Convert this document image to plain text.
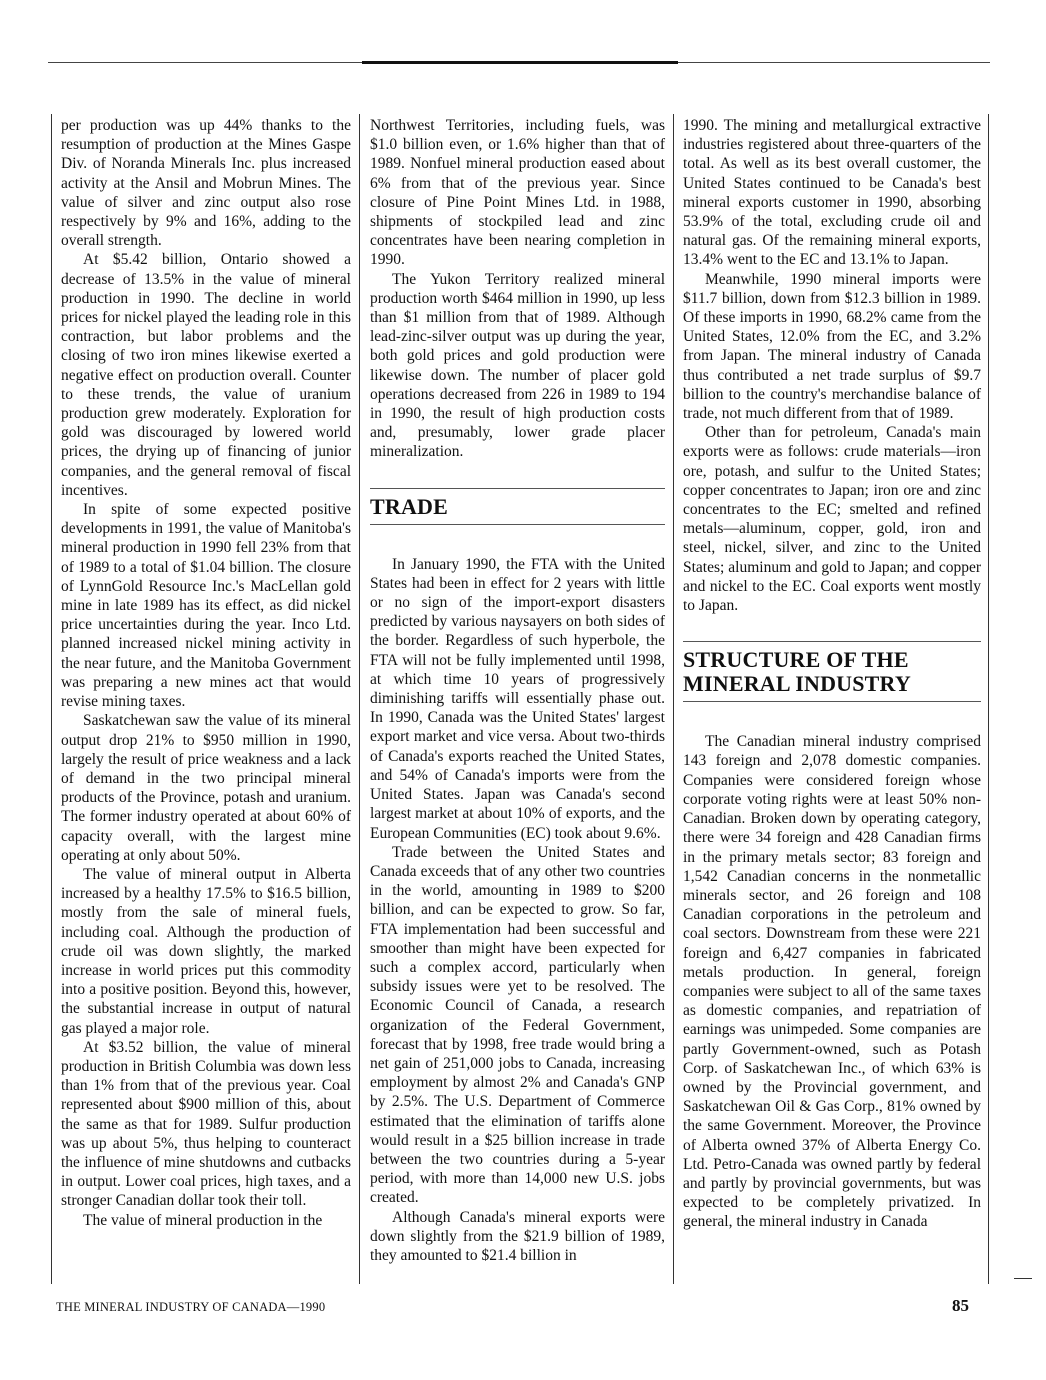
per production was up 44% thanks to the resumption of production at the Mines Gaspe Div. of Noranda Minerals Inc. plus increased activity at the Ansil and Mobrun Mines. The value of silver and zinc output also rose respectively by 9% and 16%, adding to the overall strength.

At $5.42 billion, Ontario showed a decrease of 13.5% in the value of mineral production in 1990. The decline in world prices for nickel played the leading role in this contraction, but labor problems and the closing of two iron mines likewise exerted a negative effect on production overall. Counter to these trends, the value of uranium production grew moderately. Exploration for gold was discouraged by lowered world prices, the drying up of financing of junior companies, and the general removal of fiscal incentives.

In spite of some expected positive developments in 1991, the value of Manitoba's mineral production in 1990 fell 23% from that of 1989 to a total of $1.04 billion. The closure of LynnGold Resource Inc.'s MacLellan gold mine in late 1989 has its effect, as did nickel price uncertainties during the year. Inco Ltd. planned increased nickel mining activity in the near future, and the Manitoba Government was preparing a new mines act that would revise mining taxes.

Saskatchewan saw the value of its mineral output drop 21% to $950 million in 1990, largely the result of price weakness and a lack of demand in the two principal mineral products of the Province, potash and uranium. The former industry operated at about 60% of capacity overall, with the largest mine operating at only about 50%.

The value of mineral output in Alberta increased by a healthy 17.5% to $16.5 billion, mostly from the sale of mineral fuels, including coal. Although the production of crude oil was down slightly, the marked increase in world prices put this commodity into a positive position. Beyond this, however, the substantial increase in output of natural gas played a major role.

At $3.52 billion, the value of mineral production in British Columbia was down less than 1% from that of the previous year. Coal represented about $900 million of this, about the same as that for 1989. Sulfur production was up about 5%, thus helping to counteract the influence of mine shutdowns and cutbacks in output. Lower coal prices, high taxes, and a stronger Canadian dollar took their toll.

The value of mineral production in the

Northwest Territories, including fuels, was $1.0 billion even, or 1.6% higher than that of 1989. Nonfuel mineral production eased about 6% from that of the previous year. Since closure of Pine Point Mines Ltd. in 1988, shipments of stockpiled lead and zinc concentrates have been nearing completion in 1990.

The Yukon Territory realized mineral production worth $464 million in 1990, up less than $1 million from that of 1989. Although lead-zinc-silver output was up during the year, both gold prices and gold production were likewise down. The number of placer gold operations decreased from 226 in 1989 to 194 in 1990, the result of high production costs and, presumably, lower grade placer mineralization.

TRADE

In January 1990, the FTA with the United States had been in effect for 2 years with little or no sign of the import-export disasters predicted by various naysayers on both sides of the border. Regardless of such hyperbole, the FTA will not be fully implemented until 1998, at which time 10 years of progressively diminishing tariffs will essentially phase out. In 1990, Canada was the United States' largest export market and vice versa. About two-thirds of Canada's exports reached the United States, and 54% of Canada's imports were from the United States. Japan was Canada's second largest market at about 10% of exports, and the European Communities (EC) took about 9.6%.

Trade between the United States and Canada exceeds that of any other two countries in the world, amounting in 1989 to $200 billion, and can be expected to grow. So far, FTA implementation had been successful and smoother than might have been expected for such a complex accord, particularly when subsidy issues were yet to be resolved. The Economic Council of Canada, a research organization of the Federal Government, forecast that by 1998, free trade would bring a net gain of 251,000 jobs to Canada, increasing employment by almost 2% and Canada's GNP by 2.5%. The U.S. Department of Commerce estimated that the elimination of tariffs alone would result in a $25 billion increase in trade between the two countries during a 5-year period, with more than 14,000 new U.S. jobs created.

Although Canada's mineral exports were down slightly from the $21.9 billion of 1989, they amounted to $21.4 billion in

1990. The mining and metallurgical extractive industries registered about three-quarters of the total. As well as its best overall customer, the United States continued to be Canada's best mineral exports customer in 1990, absorbing 53.9% of the total, excluding crude oil and natural gas. Of the remaining mineral exports, 13.4% went to the EC and 13.1% to Japan.

Meanwhile, 1990 mineral imports were $11.7 billion, down from $12.3 billion in 1989. Of these imports in 1990, 68.2% came from the United States, 12.0% from the EC, and 3.2% from Japan. The mineral industry of Canada thus contributed a net trade surplus of $9.7 billion to the country's merchandise balance of trade, not much different from that of 1989.

Other than for petroleum, Canada's main exports were as follows: crude materials—iron ore, potash, and sulfur to the United States; copper concentrates to Japan; iron ore and zinc concentrates to the EC; smelted and refined metals—aluminum, copper, gold, iron and steel, nickel, silver, and zinc to the United States; aluminum and gold to Japan; and copper and nickel to the EC. Coal exports went mostly to Japan.

STRUCTURE OF THE
MINERAL INDUSTRY

The Canadian mineral industry comprised 143 foreign and 2,078 domestic companies. Companies were considered foreign whose corporate voting rights were at least 50% non-Canadian. Broken down by operating category, there were 34 foreign and 428 Canadian firms in the primary metals sector; 83 foreign and 1,542 Canadian concerns in the nonmetallic minerals sector, and 26 foreign and 108 Canadian corporations in the petroleum and coal sectors. Downstream from these were 221 foreign and 6,427 companies in fabricated metals production. In general, foreign companies were subject to all of the same taxes as domestic companies, and repatriation of earnings was unimpeded. Some companies are partly Government-owned, such as Potash Corp. of Saskatchewan Inc., of which 63% is owned by the Provincial government, and Saskatchewan Oil & Gas Corp., 81% owned by the same Government. Moreover, the Province of Alberta owned 37% of Alberta Energy Co. Ltd. Petro-Canada was owned partly by federal and partly by provincial governments, but was expected to be completely privatized. In general, the mineral industry in Canada

THE MINERAL INDUSTRY OF CANADA—1990	85
